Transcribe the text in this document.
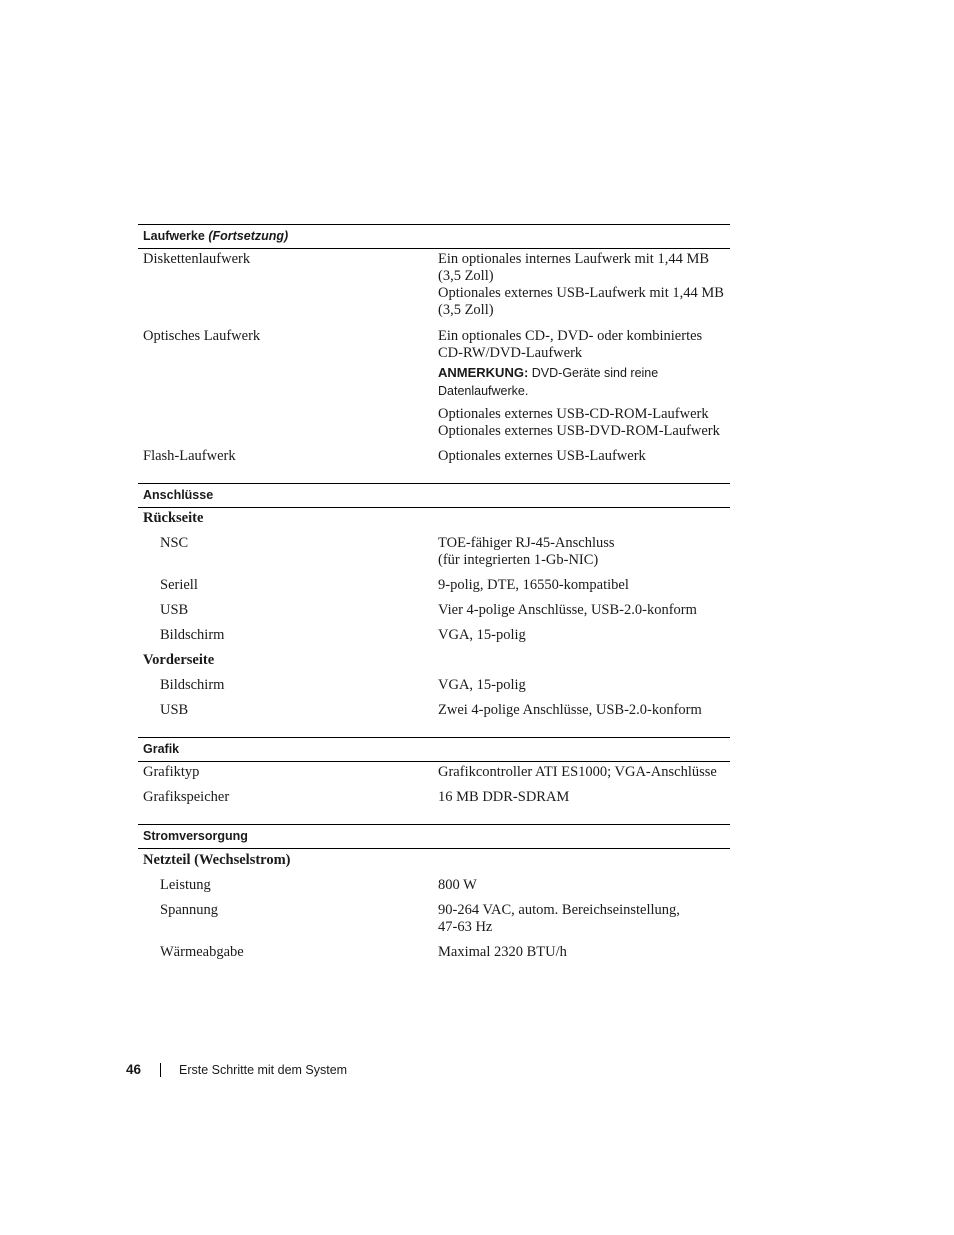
Laufwerke (Fortsetzung)
Diskettenlaufwerk	Ein optionales internes Laufwerk mit 1,44 MB
(3,5 Zoll)
Optionales externes USB-Laufwerk mit 1,44 MB
(3,5 Zoll)
Optisches Laufwerk	Ein optionales CD-, DVD- oder kombiniertes
CD-RW/DVD-Laufwerk
ANMERKUNG: DVD-Geräte sind reine
Datenlaufwerke.
Optionales externes USB-CD-ROM-Laufwerk
Optionales externes USB-DVD-ROM-Laufwerk
Flash-Laufwerk	Optionales externes USB-Laufwerk
Anschlüsse
Rückseite
NSC	TOE-fähiger RJ-45-Anschluss
(für integrierten 1-Gb-NIC)
Seriell	9-polig, DTE, 16550-kompatibel
USB	Vier 4-polige Anschlüsse, USB-2.0-konform
Bildschirm	VGA, 15-polig
Vorderseite
Bildschirm	VGA, 15-polig
USB	Zwei 4-polige Anschlüsse, USB-2.0-konform
Grafik
Grafiktyp	Grafikcontroller ATI ES1000; VGA-Anschlüsse
Grafikspeicher	16 MB DDR-SDRAM
Stromversorgung
Netzteil (Wechselstrom)
Leistung	800 W
Spannung	90-264 VAC, autom. Bereichseinstellung,
47-63 Hz
Wärmeabgabe	Maximal 2320 BTU/h
46	Erste Schritte mit dem System
